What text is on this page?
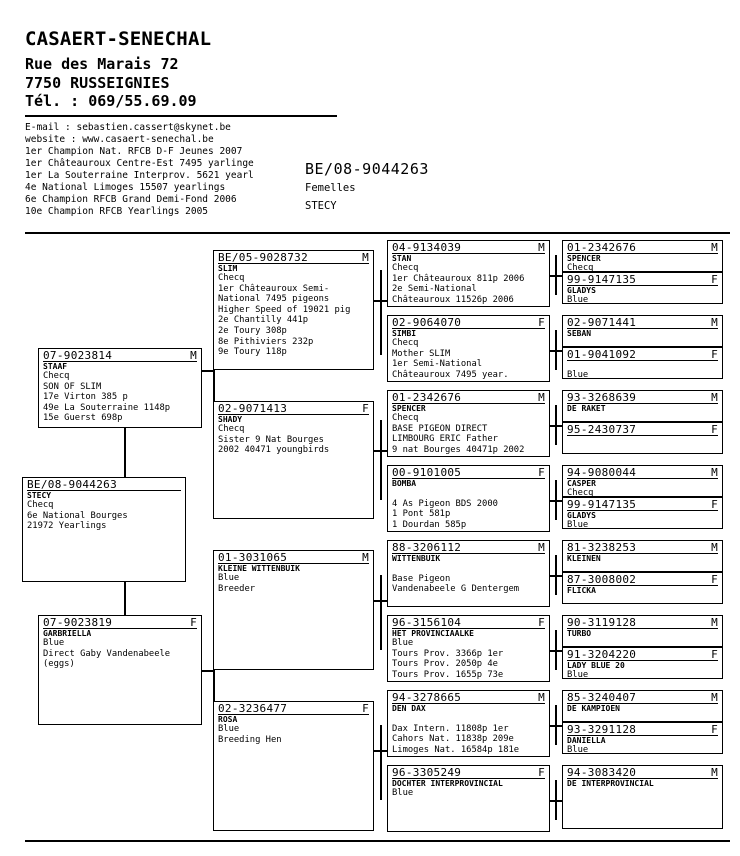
CASAERT-SENECHAL
Rue des Marais 72
7750 RUSSEIGNIES
Tél. : 069/55.69.09
E-mail : sebastien.cassert@skynet.be
website : www.casaert-senechal.be
1er Champion Nat. RFCB D-F Jeunes 2007
1er Châteauroux Centre-Est 7495 yarlinge
1er La Souterraine Interprov. 5621 yearl
4e National Limoges 15507 yearlings
6e Champion RFCB Grand Demi-Fond 2006
10e Champion RFCB Yearlings 2005
BE/08-9044263
Femelles
STECY
BE/08-9044263
STECY
Checq
6e National Bourges
21972 Yearlings
07-9023814	M
STAAF
Checq
SON OF SLIM
17e Virton 385 p
49e La Souterraine 1148p
15e Guerst 698p
07-9023819	F
GARBRIELLA
Blue
Direct Gaby Vandenabeele
(eggs)
BE/05-9028732	M
SLIM
Checq
1er Châteauroux Semi-
National 7495 pigeons
Higher Speed of 19021 pig
2e Chantilly 441p
2e Toury 308p
8e Pithiviers 232p
9e Toury 118p
02-9071413	F
SHADY
Checq
Sister 9 Nat Bourges
2002 40471 youngbirds
01-3031065	M
KLEINE WITTENBUIK
Blue
Breeder
02-3236477	F
ROSA
Blue
Breeding Hen
04-9134039	M
STAN
Checq
1er Châteauroux 811p 2006
2e Semi-National
Châteauroux 11526p 2006
02-9064070	F
SIMBI
Checq
Mother SLIM
1er Semi-National
Châteauroux 7495 year.
01-2342676	M
SPENCER
Checq
BASE PIGEON DIRECT
LIMBOURG ERIC Father
9 nat Bourges 40471p 2002
00-9101005	F
BOMBA
4 As Pigeon BDS 2000
1 Pont 581p
1 Dourdan 585p
88-3206112	M
WITTENBUIK
Base Pigeon
Vandenabeele G Dentergem
96-3156104	F
HET PROVINCIAALKE
Blue
Tours Prov. 3366p 1er
Tours Prov. 2050p 4e
Tours Prov. 1655p 73e
94-3278665	M
DEN DAX
Dax Intern. 11808p 1er
Cahors Nat. 11838p 209e
Limoges Nat. 16584p 181e
96-3305249	F
DOCHTER INTERPROVINCIAL
Blue
01-2342676	M
SPENCER
Checq
99-9147135	F
GLADYS
Blue
02-9071441	M
SEBAN
01-9041092	F
Blue
93-3268639	M
DE RAKET
95-2430737	F
94-9080044	M
CASPER
Checq
99-9147135	F
GLADYS
Blue
81-3238253	M
KLEINEN
87-3008002	F
FLICKA
90-3119128	M
TURBO
91-3204220	F
LADY BLUE 20
Blue
85-3240407	M
DE KAMPIOEN
93-3291128	F
DANIELLA
Blue
94-3083420	M
DE INTERPROVINCIAL
